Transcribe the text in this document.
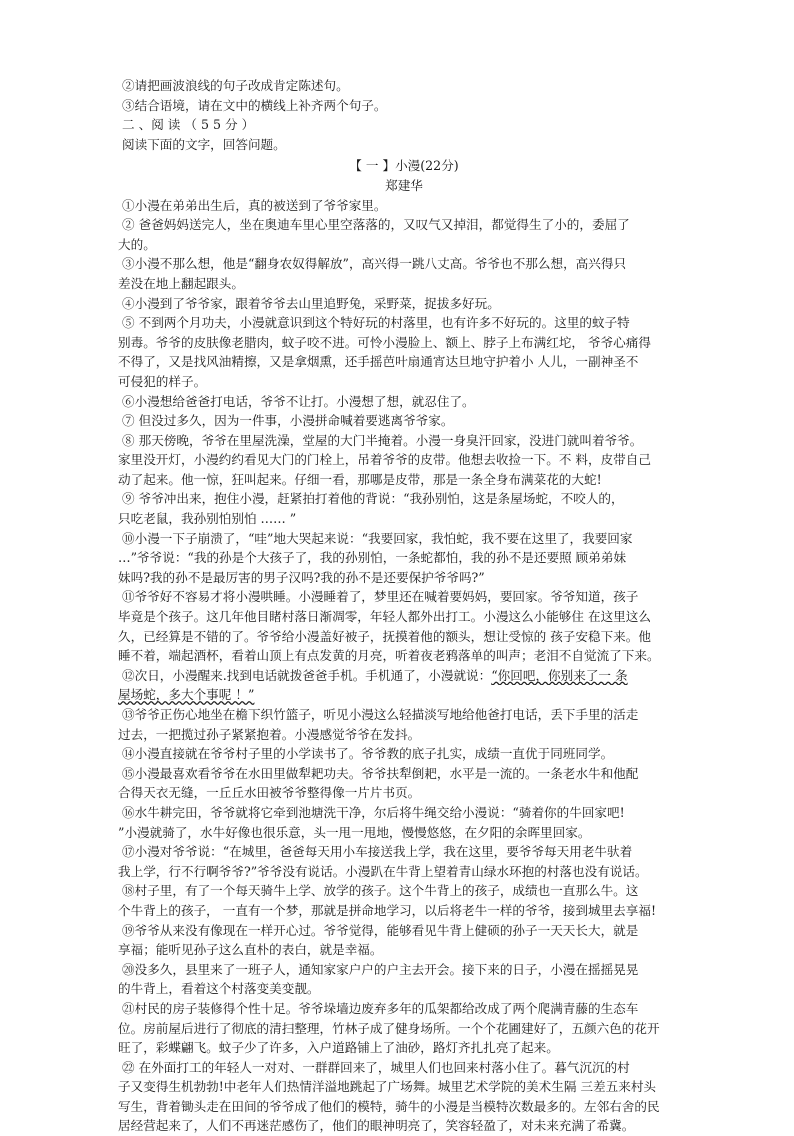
②请把画波浪线的句子改成肯定陈述句。
③结合语境，请在文中的横线上补齐两个句子。
二 、阅 读 （ 5 5 分 ）
阅读下面的文字，回答问题。
【 一 】小漫(22分)
郑建华
①小漫在弟弟出生后，真的被送到了爷爷家里。
② 爸爸妈妈送完人，坐在奥迪车里心里空落落的，又叹气又掉泪，都觉得生了小的，委屈了
大的。
③小漫不那么想，他是“翻身农奴得解放”，高兴得一跳八丈高。爷爷也不那么想，高兴得只
差没在地上翻起跟头。
④小漫到了爷爷家，跟着爷爷去山里追野兔，采野菜，捉拔多好玩。
⑤ 不到两个月功夫，小漫就意识到这个特好玩的村落里，也有许多不好玩的。这里的蚊子特
别毒。爷爷的皮肤像老腊肉，蚊子咬不进。可怜小漫脸上、额上、脖子上布满红坨， 爷爷心痛得
不得了，又是找风油精擦，又是拿烟熏，还手摇芭叶扇通宵达旦地守护着小 人儿，一副神圣不
可侵犯的样子。
⑥小漫想给爸爸打电话，爷爷不让打。小漫想了想，就忍住了。
⑦ 但没过多久，因为一件事，小漫拼命喊着要逃离爷爷家。
⑧ 那天傍晚，爷爷在里屋洗澡，堂屋的大门半掩着。小漫一身臭汗回家，没进门就叫着爷爷。
家里没开灯，小漫约约看见大门的门栓上，吊着爷爷的皮带。他想去收捡一下。不 料，皮带自己
动了起来。他一惊，狂叫起来。仔细一看，那哪是皮带，那是一条全身布满菜花的大蛇!
⑨ 爷爷冲出来，抱住小漫，赶紧拍打着他的背说：“我孙别怕，这是条屋场蛇，不咬人的，
只吃老鼠，我孙别怕别怕 …… ”
⑩小漫一下子崩溃了，“哇”地大哭起来说：“我要回家，我怕蛇，我不要在这里了，我要回家
…”爷爷说：“我的孙是个大孩子了，我的孙别怕，一条蛇都怕，我的孙不是还要照 顾弟弟妹
妹吗?我的孙不是最厉害的男子汉吗?我的孙不是还要保护爷爷吗?”
⑪爷爷好不容易才将小漫哄睡。小漫睡着了，梦里还在喊着要妈妈，要回家。爷爷知道，孩子
毕竟是个孩子。这几年他目睹村落日渐凋零，年轻人都外出打工。小漫这么小能够住 在这里这么
久，已经算是不错的了。爷爷给小漫盖好被子，抚摸着他的额头，想让受惊的 孩子安稳下来。他
睡不着，端起酒杯，看着山顶上有点发黄的月亮，听着夜老鸦落单的叫声；老泪不自觉流了下来。
⑫次日，小漫醒来.找到电话就拨爸爸手机。手机通了，小漫就说：“你回吧，你别来了一 条
屋场蛇，多大个事呢 ！”
⑬爷爷正伤心地坐在檐下织竹篮子，听见小漫这么轻描淡写地给他爸打电话，丢下手里的活走
过去，一把揽过孙子紧紧抱着。小漫感觉爷爷在发抖。
⑭小漫直接就在爷爷村子里的小学读书了。爷爷教的底子扎实，成绩一直优于同班同学。
⑮小漫最喜欢看爷爷在水田里做犁耙功夫。爷爷扶犁倒耙，水平是一流的。一条老水牛和他配
合得天衣无缝，一丘丘水田被爷爷整得像一片片书页。
⑯水牛耕完田，爷爷就将它牵到池塘洗干净，尔后将牛绳交给小漫说：“骑着你的牛回家吧!
”小漫就骑了，水牛好像也很乐意，头一甩一甩地，慢慢悠悠，在夕阳的余晖里回家。
⑰小漫对爷爷说：“在城里，爸爸每天用小车接送我上学，我在这里，要爷爷每天用老牛驮着
我上学，行不行啊爷爷?”爷爷没有说话。小漫趴在牛背上望着青山绿水环抱的村落也没有说话。
⑱村子里，有了一个每天骑牛上学、放学的孩子。这个牛背上的孩子，成绩也一直那么牛。这
个牛背上的孩子， 一直有一个梦，那就是拼命地学习，以后将老牛一样的爷爷，接到城里去享福!
⑲爷爷从来没有像现在一样开心过。爷爷觉得，能够看见牛背上健硕的孙子一天天长大，就是
享福；能听见孙子这么直朴的表白，就是幸福。
⑳没多久，县里来了一班子人，通知家家户户的户主去开会。接下来的日子，小漫在摇摇晃晃
的牛背上，看着这个村落变美变靓。
㉑村民的房子装修得个性十足。爷爷垛墙边废弃多年的瓜架都给改成了两个爬满青藤的生态车
位。房前屋后进行了彻底的清扫整理，竹林子成了健身场所。一个个花圃建好了，五颜六色的花开
旺了，彩蝶翩飞。蚊子少了许多，入户道路铺上了油砂，路灯齐扎扎亮了起来。
㉒ 在外面打工的年轻人一对对、一群群回来了，城里人们也回来村落小住了。暮气沉沉的村
子又变得生机勃勃!中老年人们热情洋溢地跳起了广场舞。城里艺术学院的美术生隔 三差五来村头
写生，背着锄头走在田间的爷爷成了他们的模特，骑牛的小漫是当模特次数最多的。左邻右舍的民
居经营起来了，人们不再迷茫感伤了，他们的眼神明亮了，笑容轻盈了，对未来充满了希冀。
